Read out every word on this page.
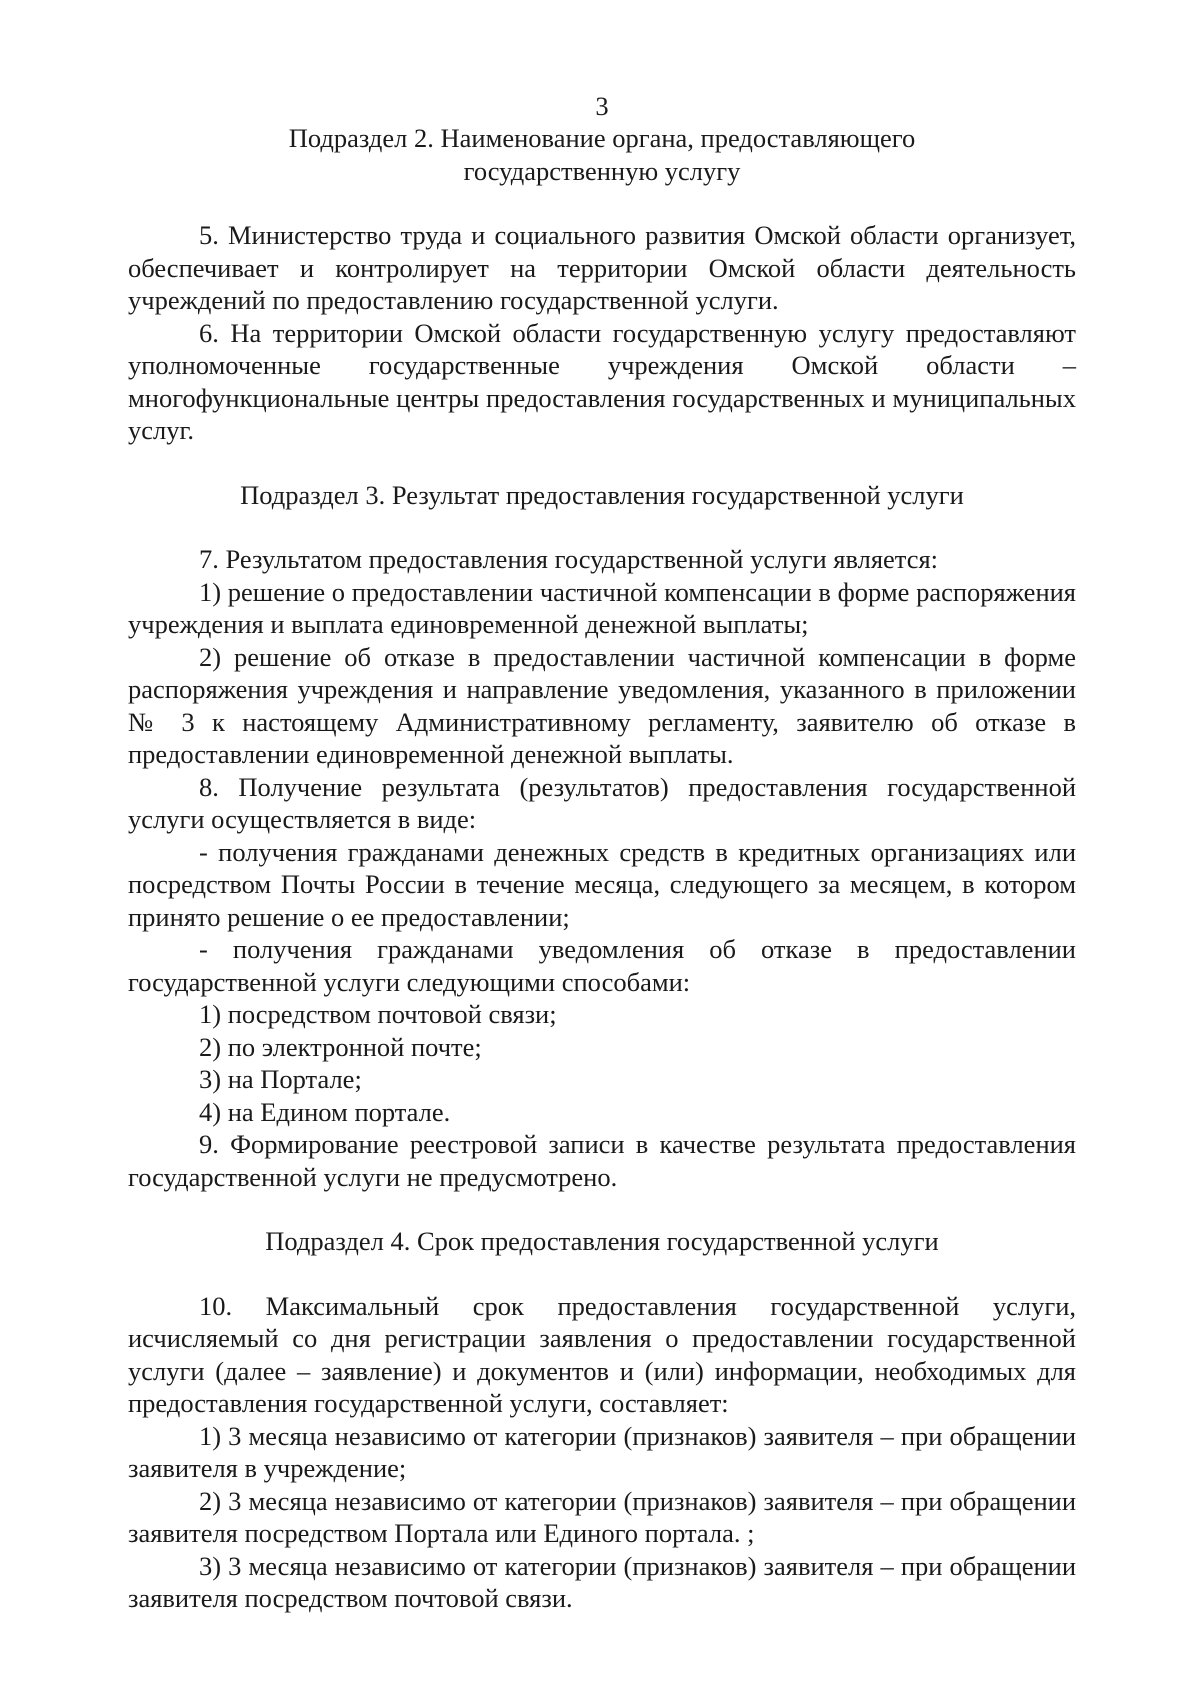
3
Подраздел 2. Наименование органа, предоставляющего
государственную услугу

5. Министерство труда и социального развития Омской области организует, обеспечивает и контролирует на территории Омской области деятельность учреждений по предоставлению государственной услуги.

6. На территории Омской области государственную услугу предоставляют уполномоченные государственные учреждения Омской области – многофункциональные центры предоставления государственных и муниципальных услуг.

Подраздел 3. Результат предоставления государственной услуги

7. Результатом предоставления государственной услуги является:

1) решение о предоставлении частичной компенсации в форме распоряжения учреждения и выплата единовременной денежной выплаты;

2) решение об отказе в предоставлении частичной компенсации в форме распоряжения учреждения и направление уведомления, указанного в приложении № 3 к настоящему Административному регламенту, заявителю об отказе в предоставлении единовременной денежной выплаты.

8. Получение результата (результатов) предоставления государственной услуги осуществляется в виде:

- получения гражданами денежных средств в кредитных организациях или посредством Почты России в течение месяца, следующего за месяцем, в котором принято решение о ее предоставлении;

- получения гражданами уведомления об отказе в предоставлении государственной услуги следующими способами:

1) посредством почтовой связи;

2) по электронной почте;

3) на Портале;

4) на Едином портале.

9. Формирование реестровой записи в качестве результата предоставления государственной услуги не предусмотрено.

Подраздел 4. Срок предоставления государственной услуги

10. Максимальный срок предоставления государственной услуги, исчисляемый со дня регистрации заявления о предоставлении государственной услуги (далее – заявление) и документов и (или) информации, необходимых для предоставления государственной услуги, составляет:

1) 3 месяца независимо от категории (признаков) заявителя – при обращении заявителя в учреждение;

2) 3 месяца независимо от категории (признаков) заявителя – при обращении заявителя посредством Портала или Единого портала. ;

3) 3 месяца независимо от категории (признаков) заявителя – при обращении заявителя посредством почтовой связи.
